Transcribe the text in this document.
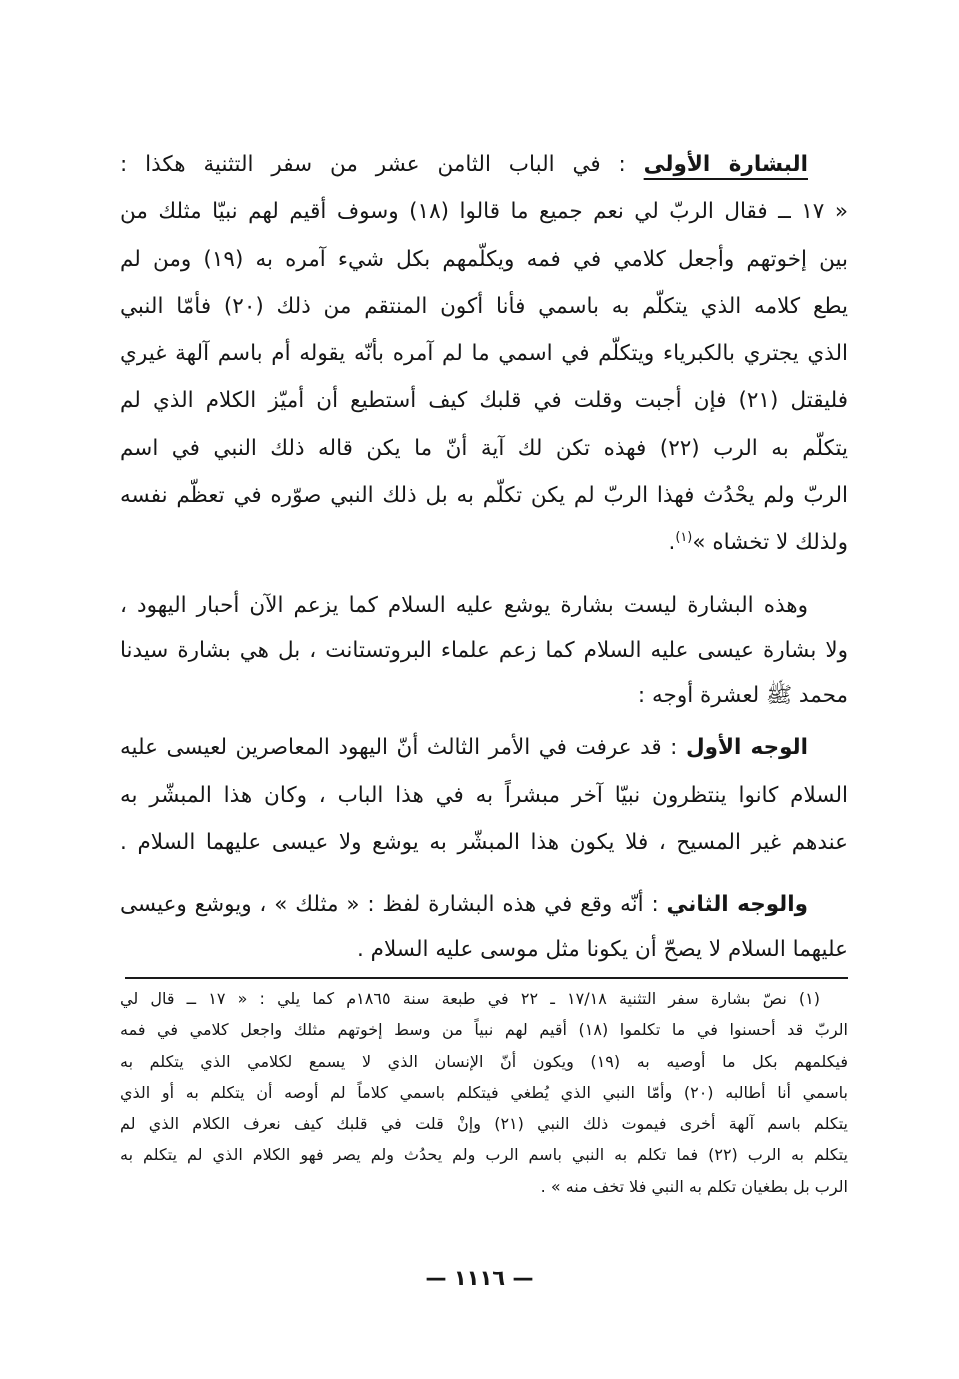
البشارة الأولى : في الباب الثامن عشر من سفر التثنية هكذا :
« ١٧ ــ فقال الربّ لي نعم جميع ما قالوا (١٨) وسوف أقيم لهم نبيّا مثلك من
بين إخوتهم وأجعل كلامي في فمه ويكلّمهم بكل شيء آمره به (١٩) ومن لم
يطع كلامه الذي يتكلّم به باسمي فأنا أكون المنتقم من ذلك (٢٠) فأمّا النبي
الذي يجتري بالكبرياء ويتكلّم في اسمي ما لم آمره بأنّه يقوله أم باسم آلهة غيري
فليقتل (٢١) فإن أجبت وقلت في قلبك كيف أستطيع أن أميّز الكلام الذي لم
يتكلّم به الرب (٢٢) فهذه تكن لك آية أنّ ما يكن قاله ذلك النبي في اسم
الربّ ولم يحْدُث فهذا الربّ لم يكن تكلّم به بل ذلك النبي صوّره في تعظّم نفسه
ولذلك لا تخشاه »$^{(١)}$.
وهذه البشارة ليست بشارة يوشع عليه السلام كما يزعم الآن أحبار اليهود ،
ولا بشارة عيسى عليه السلام كما زعم علماء البروتستانت ، بل هي بشارة سيدنا
محمد ﷺ لعشرة أوجه :
الوجه الأول : قد عرفت في الأمر الثالث أنّ اليهود المعاصرين لعيسى عليه
السلام كانوا ينتظرون نبيّا آخر مبشراً به في هذا الباب ، وكان هذا المبشّر به
عندهم غير المسيح ، فلا يكون هذا المبشّر به يوشع ولا عيسى عليهما السلام .
والوجه الثاني : أنّه وقع في هذه البشارة لفظ : « مثلك » ، ويوشع وعيسى
عليهما السلام لا يصحّ أن يكونا مثل موسى عليه السلام .
(١) نصّ بشارة سفر التثنية ١٧/١٨ ـ ٢٢ في طبعة سنة ١٨٦٥م كما يلي : « ١٧ ــ قال لي
الربّ قد أحسنوا في ما تكلموا (١٨) أقيم لهم نبياً من وسط إخوتهم مثلك واجعل كلامي في فمه
فيكلمهم بكل ما أوصيه به (١٩) ويكون أنّ الإنسان الذي لا يسمع لكلامي الذي يتكلم به
باسمي أنا أطالبه (٢٠) وأمّا النبي الذي يُطغي فيتكلم باسمي كلاماً لم أوصه أن يتكلم به أو الذي
يتكلم باسم آلهة أخرى فيموت ذلك النبي (٢١) وإنْ قلت في قلبك كيف نعرف الكلام الذي لم
يتكلم به الرب (٢٢) فما تكلم به النبي باسم الرب ولم يحدُث ولم يصر فهو الكلام الذي لم يتكلم به
الرب بل بطغيان تكلم به النبي فلا تخف منه » .
— ١١١٦ —
